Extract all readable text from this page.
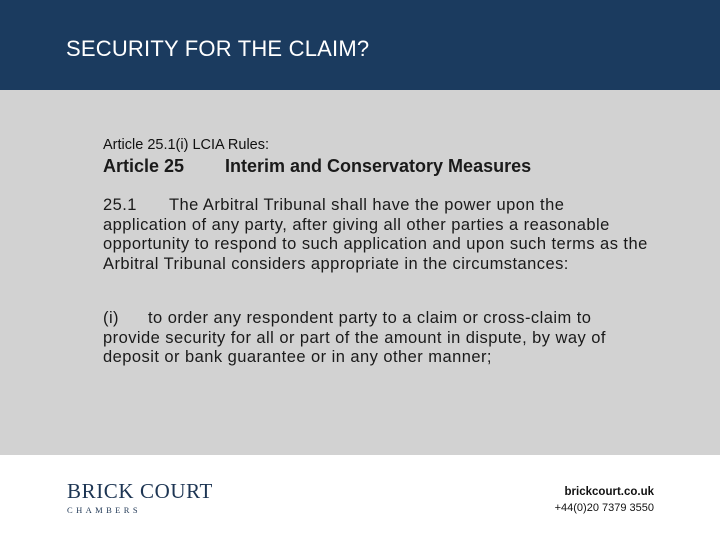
SECURITY FOR THE CLAIM?
Article 25.1(i) LCIA Rules:
Article 25 Interim and Conservatory Measures
25.1 The Arbitral Tribunal shall have the power upon the application of any party, after giving all other parties a reasonable opportunity to respond to such application and upon such terms as the Arbitral Tribunal considers appropriate in the circumstances:
(i) to order any respondent party to a claim or cross-claim to provide security for all or part of the amount in dispute, by way of deposit or bank guarantee or in any other manner;
BRICK COURT
CHAMBERS
brickcourt.co.uk
+44(0)20 7379 3550
